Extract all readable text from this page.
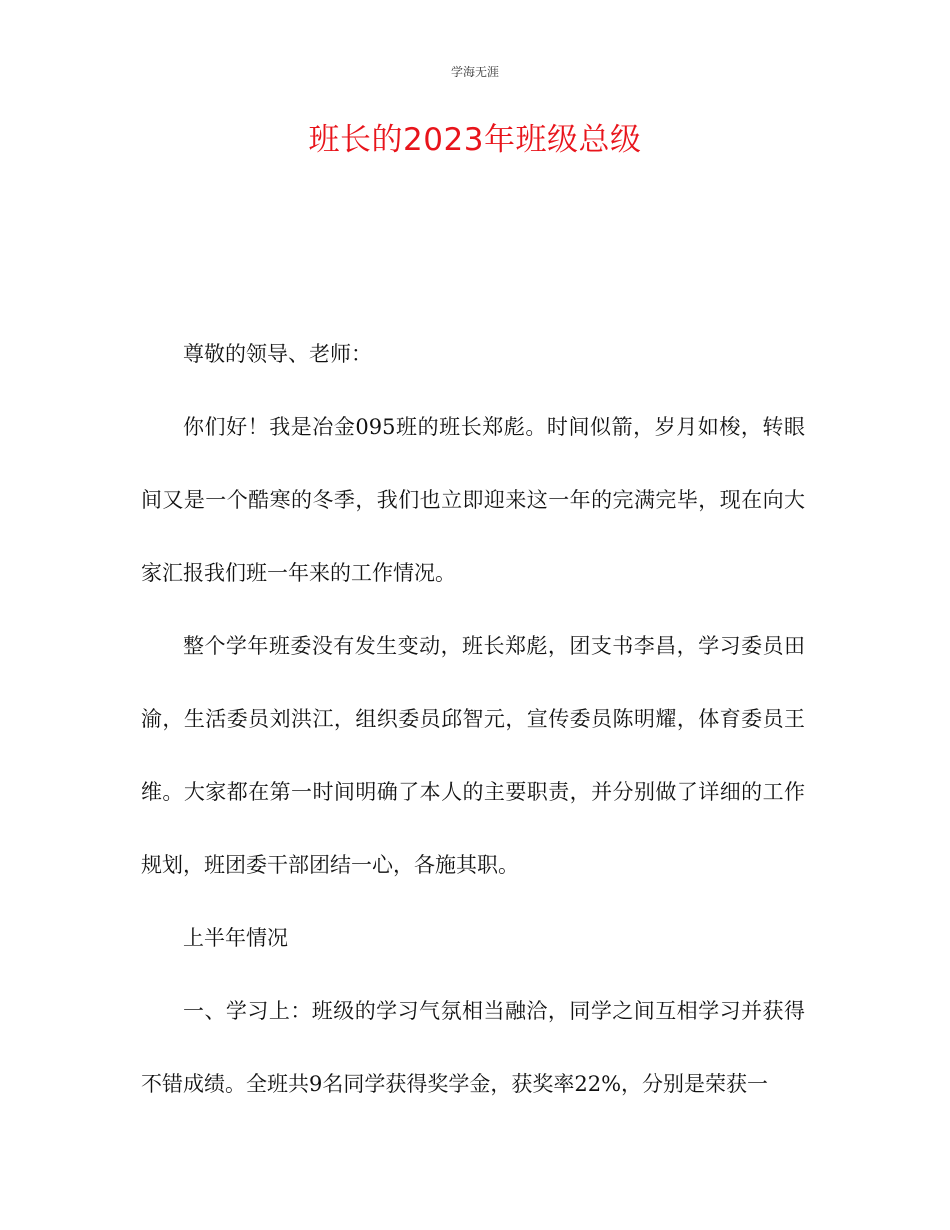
学海无涯
班长的2023年班级总级

尊敬的领导、老师：

你们好！我是冶金095班的班长郑彪。时间似箭，岁月如梭，转眼间又是一个酷寒的冬季，我们也立即迎来这一年的完满完毕，现在向大家汇报我们班一年来的工作情况。

整个学年班委没有发生变动，班长郑彪，团支书李昌，学习委员田渝，生活委员刘洪江，组织委员邱智元，宣传委员陈明耀，体育委员王维。大家都在第一时间明确了本人的主要职责，并分别做了详细的工作规划，班团委干部团结一心，各施其职。

上半年情况

一、学习上：班级的学习气氛相当融洽，同学之间互相学习并获得不错成绩。全班共9名同学获得奖学金，获奖率22%，分别是荣获一
